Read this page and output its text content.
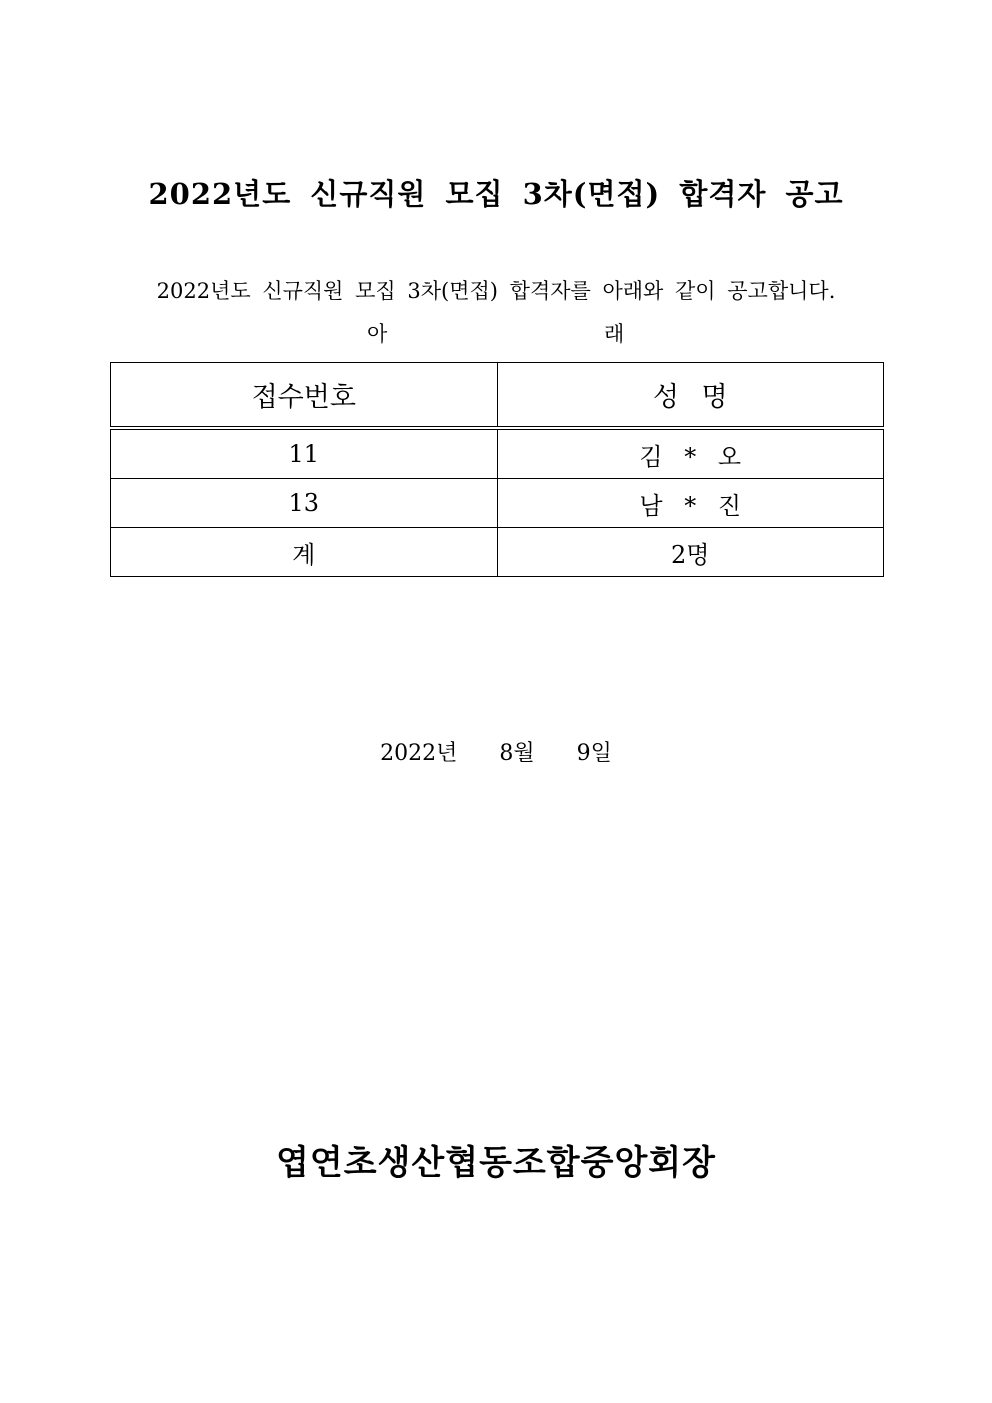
2022년도 신규직원 모집 3차(면접) 합격자 공고
2022년도 신규직원 모집 3차(면접) 합격자를 아래와 같이 공고합니다.
아	래
접수번호	성 명
11	김 * 오
13	남 * 진
계	2명
2022년  8월  9일
엽연초생산협동조합중앙회장
